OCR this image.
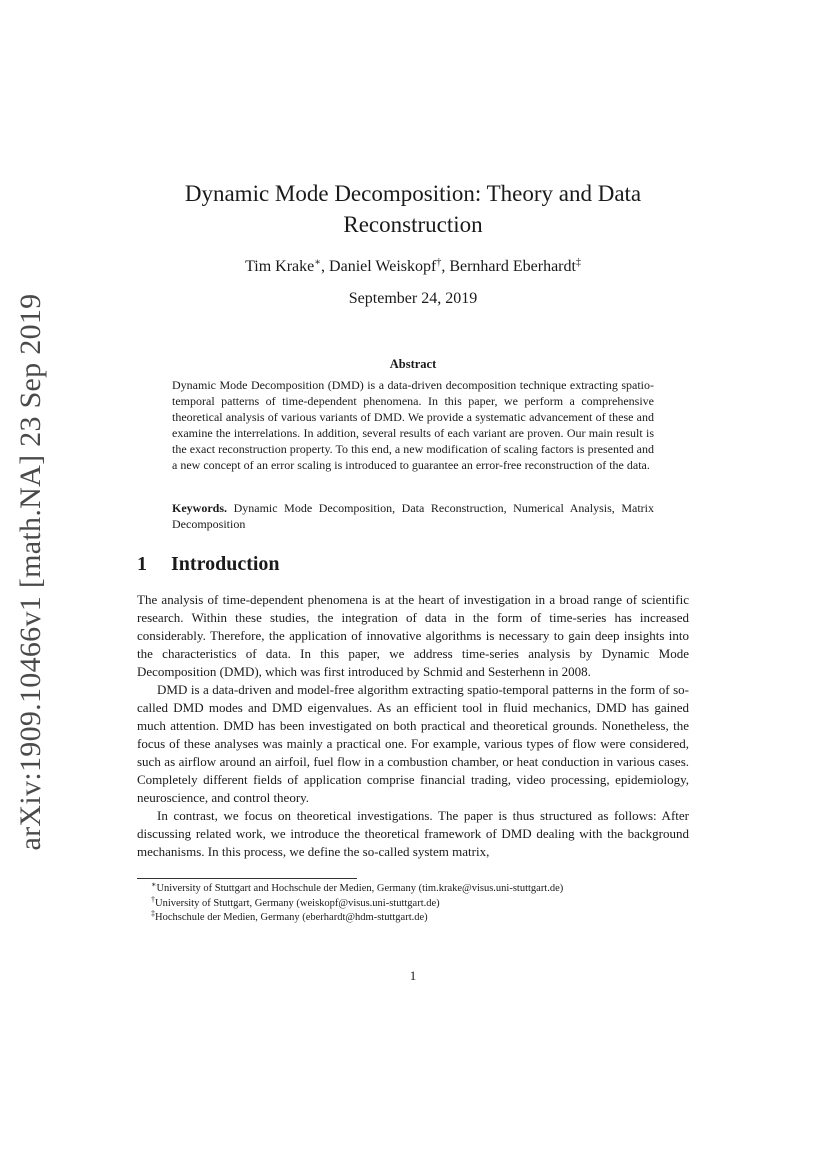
arXiv:1909.10466v1 [math.NA] 23 Sep 2019
Dynamic Mode Decomposition: Theory and Data Reconstruction
Tim Krake∗, Daniel Weiskopf†, Bernhard Eberhardt‡
September 24, 2019
Abstract

Dynamic Mode Decomposition (DMD) is a data-driven decomposition technique extracting spatio-temporal patterns of time-dependent phenomena. In this paper, we perform a comprehensive theoretical analysis of various variants of DMD. We provide a systematic advancement of these and examine the interrelations. In addition, several results of each variant are proven. Our main result is the exact reconstruction property. To this end, a new modification of scaling factors is presented and a new concept of an error scaling is introduced to guarantee an error-free reconstruction of the data.

Keywords. Dynamic Mode Decomposition, Data Reconstruction, Numerical Analysis, Matrix Decomposition

1 Introduction

The analysis of time-dependent phenomena is at the heart of investigation in a broad range of scientific research. Within these studies, the integration of data in the form of time-series has increased considerably. Therefore, the application of innovative algorithms is necessary to gain deep insights into the characteristics of data. In this paper, we address time-series analysis by Dynamic Mode Decomposition (DMD), which was first introduced by Schmid and Sesterhenn in 2008.

DMD is a data-driven and model-free algorithm extracting spatio-temporal patterns in the form of so-called DMD modes and DMD eigenvalues. As an efficient tool in fluid mechanics, DMD has gained much attention. DMD has been investigated on both practical and theoretical grounds. Nonetheless, the focus of these analyses was mainly a practical one. For example, various types of flow were considered, such as airflow around an airfoil, fuel flow in a combustion chamber, or heat conduction in various cases. Completely different fields of application comprise financial trading, video processing, epidemiology, neuroscience, and control theory.

In contrast, we focus on theoretical investigations. The paper is thus structured as follows: After discussing related work, we introduce the theoretical framework of DMD dealing with the background mechanisms. In this process, we define the so-called system matrix,

∗University of Stuttgart and Hochschule der Medien, Germany (tim.krake@visus.uni-stuttgart.de)
†University of Stuttgart, Germany (weiskopf@visus.uni-stuttgart.de)
‡Hochschule der Medien, Germany (eberhardt@hdm-stuttgart.de)
1
